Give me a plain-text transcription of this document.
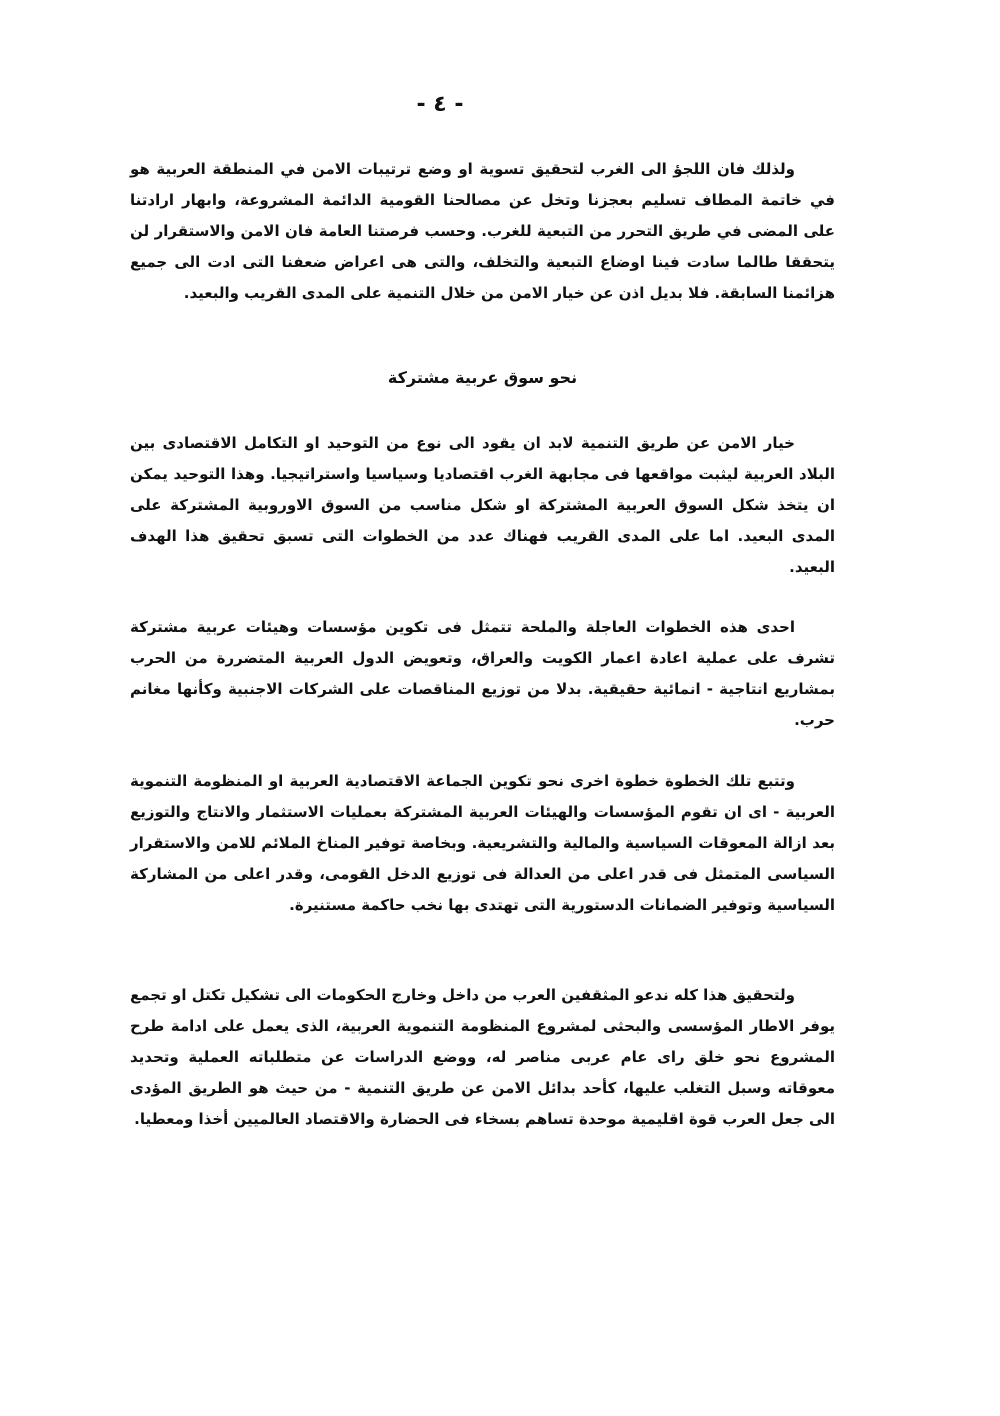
- ٤ -

ولذلك فان اللجؤ الى الغرب لتحقيق تسوية او وضع ترتيبات الامن في المنطقة العربية هو في خاتمة المطاف تسليم بعجزنا وتخل عن مصالحنا القومية الدائمة المشروعة، وابهار ارادتنا على المضى في طريق التحرر من التبعية للغرب. وحسب فرصتنا العامة فان الامن والاستقرار لن يتحققا طالما سادت فينا اوضاع التبعية والتخلف، والتى هى اعراض ضعفنا التى ادت الى جميع هزائمنا السابقة. فلا بديل اذن عن خيار الامن من خلال التنمية على المدى القريب والبعيد.

نحو سوق عربية مشتركة

خيار الامن عن طريق التنمية لابد ان يقود الى نوع من التوحيد او التكامل الاقتصادى بين البلاد العربية ليثبت مواقعها فى مجابهة الغرب اقتصاديا وسياسيا واستراتيجيا. وهذا التوحيد يمكن ان يتخذ شكل السوق العربية المشتركة او شكل مناسب من السوق الاوروبية المشتركة على المدى البعيد. اما على المدى القريب فهناك عدد من الخطوات التى تسبق تحقيق هذا الهدف البعيد.

احدى هذه الخطوات العاجلة والملحة تتمثل فى تكوين مؤسسات وهيئات عربية مشتركة تشرف على عملية اعادة اعمار الكويت والعراق، وتعويض الدول العربية المتضررة من الحرب بمشاريع انتاجية - انمائية حقيقية. بدلا من توزيع المناقصات على الشركات الاجنبية وكأنها مغانم حرب.

وتتبع تلك الخطوة خطوة اخرى نحو تكوين الجماعة الاقتصادية العربية او المنظومة التنموية العربية - اى ان تقوم المؤسسات والهيئات العربية المشتركة بعمليات الاستثمار والانتاج والتوزيع بعد ازالة المعوقات السياسية والمالية والتشريعية. وبخاصة توفير المناخ الملائم للامن والاستقرار السياسى المتمثل فى قدر اعلى من العدالة فى توزيع الدخل القومى، وقدر اعلى من المشاركة السياسية وتوفير الضمانات الدستورية التى تهتدى بها نخب حاكمة مستنيرة.

ولتحقيق هذا كله ندعو المثقفين العرب من داخل وخارج الحكومات الى تشكيل تكتل او تجمع يوفر الاطار المؤسسى والبحثى لمشروع المنظومة التنموية العربية، الذى يعمل على ادامة طرح المشروع نحو خلق راى عام عربى مناصر له، ووضع الدراسات عن متطلباته العملية وتحديد معوقاته وسبل التغلب عليها، كأحد بدائل الامن عن طريق التنمية - من حيث هو الطريق المؤدى الى جعل العرب قوة اقليمية موحدة تساهم بسخاء فى الحضارة والاقتصاد العالميين أخذا ومعطيا.
